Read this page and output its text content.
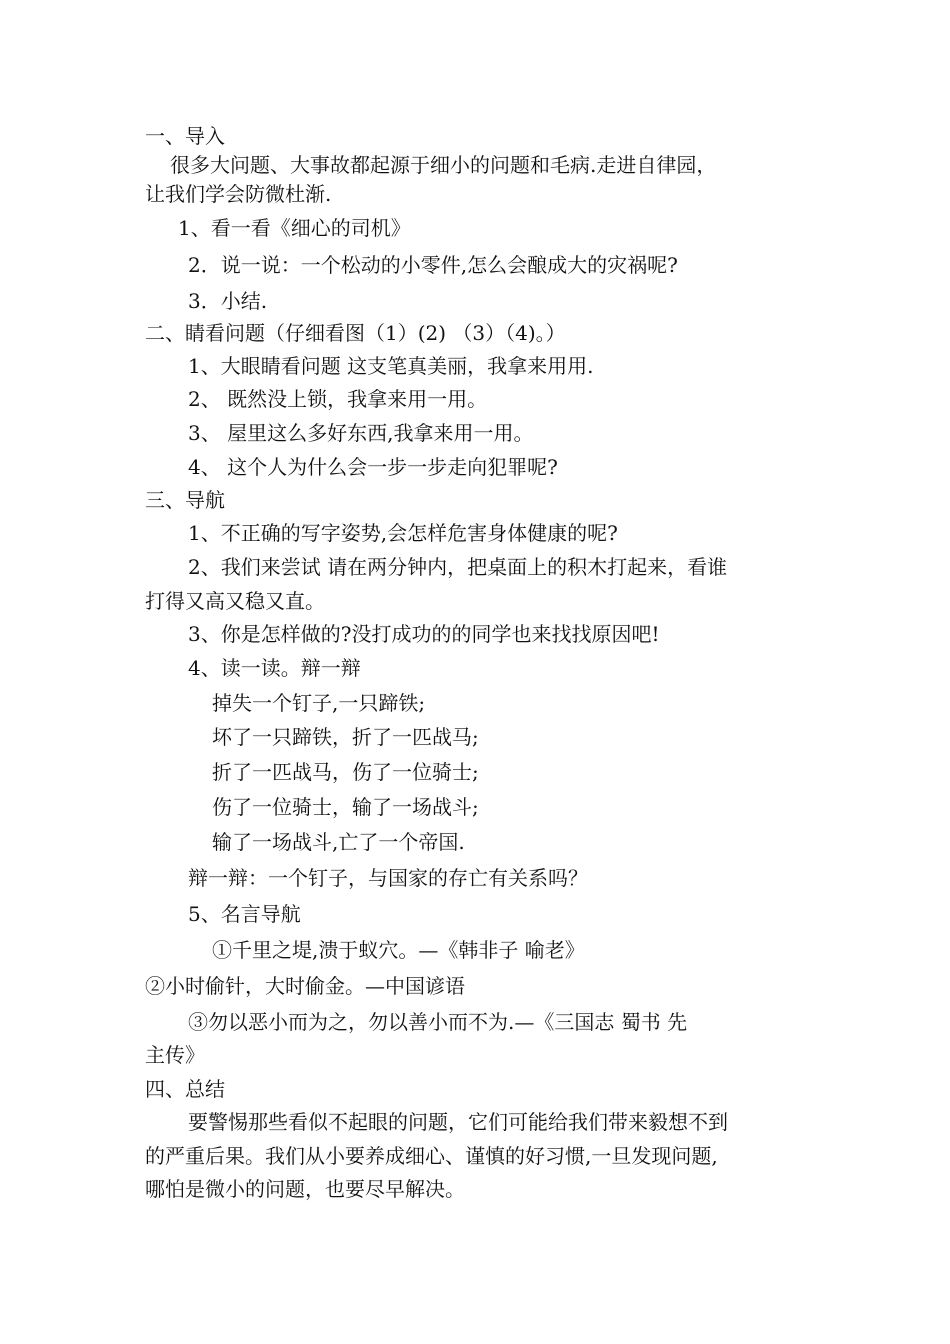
一、导入

很多大问题、大事故都起源于细小的问题和毛病.走进自律园，

让我们学会防微杜渐.

1、看一看《细心的司机》

2．说一说：一个松动的小零件,怎么会酿成大的灾祸呢?

3．小结.

二、睛看问题（仔细看图（1）(2) （3）（4)。）

1、大眼睛看问题 这支笔真美丽，我拿来用用.

2、 既然没上锁，我拿来用一用。

3、 屋里这么多好东西,我拿来用一用。

4、 这个人为什么会一步一步走向犯罪呢?

三、导航

1、不正确的写字姿势,会怎样危害身体健康的呢?

2、我们来尝试 请在两分钟内，把桌面上的积木打起来，看谁

打得又高又稳又直。

3、你是怎样做的?没打成功的的同学也来找找原因吧!

4、读一读。辩一辩

掉失一个钉子,一只蹄铁;

坏了一只蹄铁，折了一匹战马;

折了一匹战马，伤了一位骑士;

伤了一位骑士，输了一场战斗;

输了一场战斗,亡了一个帝国.

辩一辩：一个钉子，与国家的存亡有关系吗？

5、名言导航

①千里之堤,溃于蚁穴。—《韩非子 喻老》

②小时偷针，大时偷金。—中国谚语

③勿以恶小而为之，勿以善小而不为.—《三国志 蜀书 先

主传》

四、总结

要警惕那些看似不起眼的问题，它们可能给我们带来毅想不到

的严重后果。我们从小要养成细心、谨慎的好习惯,一旦发现问题,

哪怕是微小的问题，也要尽早解决。
